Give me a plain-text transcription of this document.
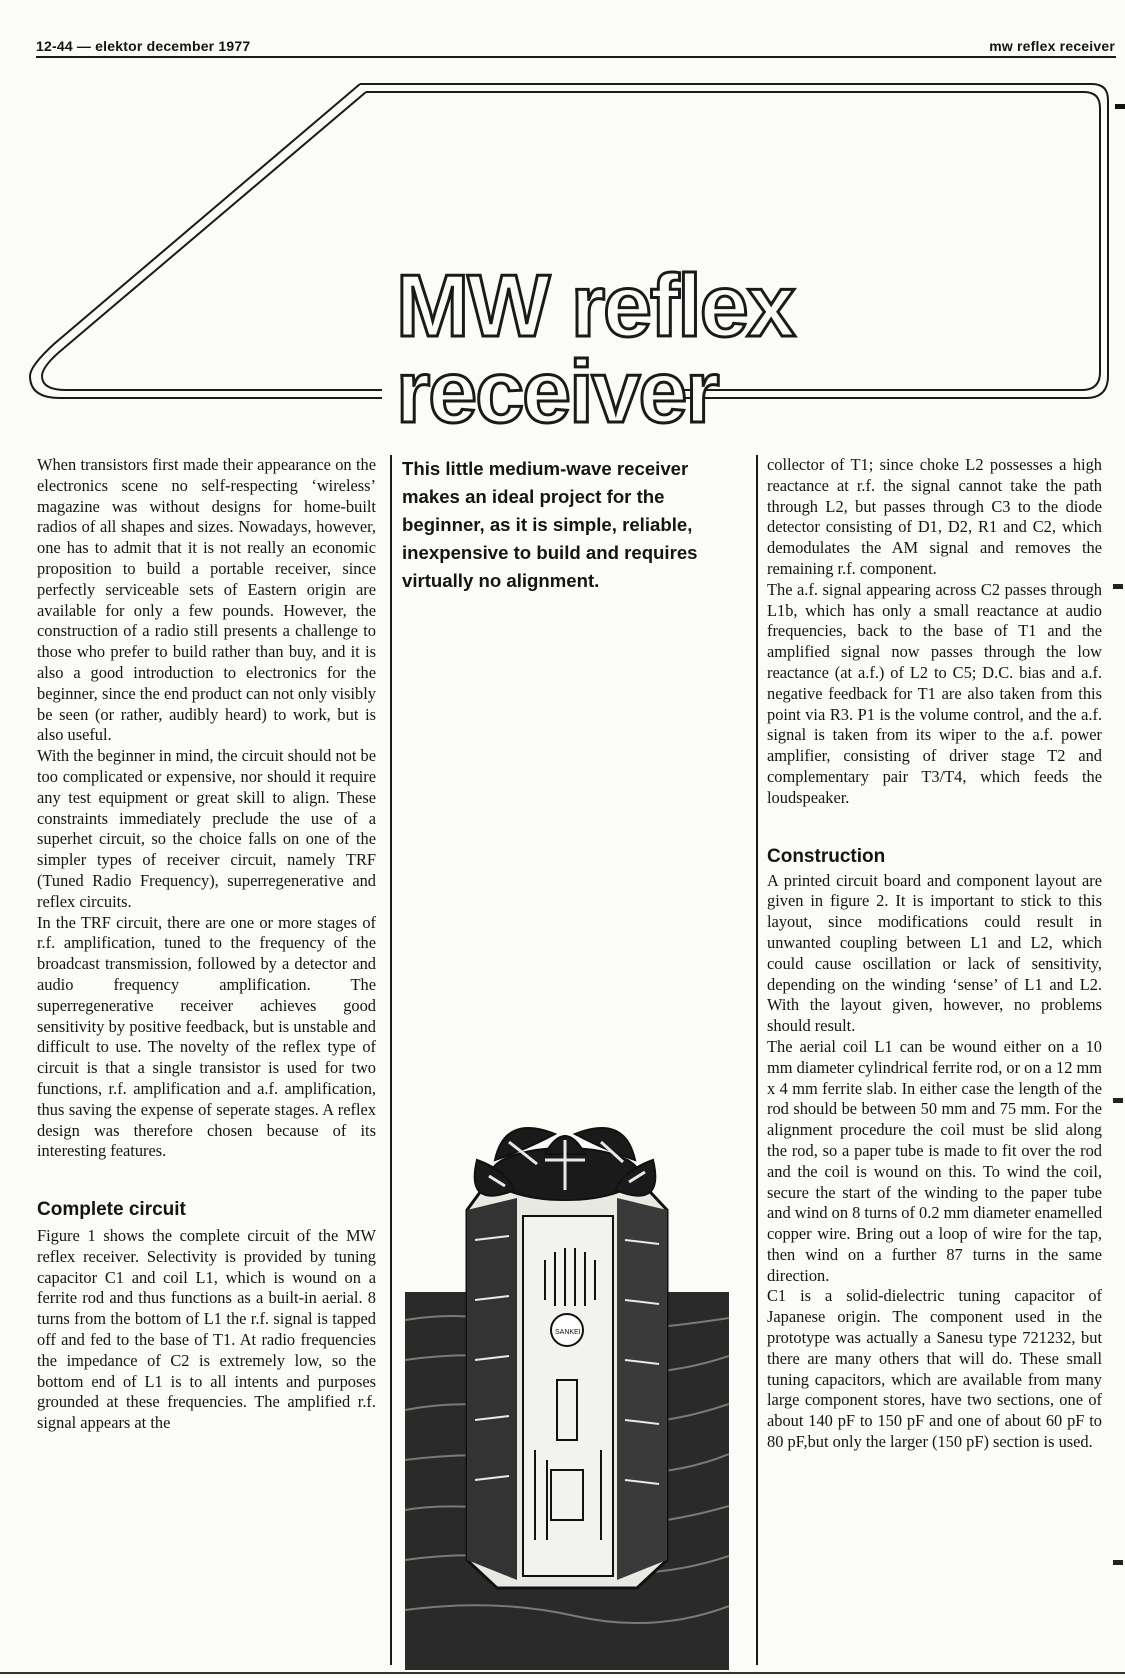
12-44 — elektor december 1977	mw reflex receiver
MW reflex
receiver

When transistors first made their appearance on the electronics scene no self-respecting ‘wireless’ magazine was without designs for home-built radios of all shapes and sizes. Nowadays, however, one has to admit that it is not really an economic proposition to build a portable receiver, since perfectly serviceable sets of Eastern origin are available for only a few pounds. However, the construction of a radio still presents a challenge to those who prefer to build rather than buy, and it is also a good introduction to electronics for the beginner, since the end product can not only visibly be seen (or rather, audibly heard) to work, but is also useful.

With the beginner in mind, the circuit should not be too complicated or expensive, nor should it require any test equipment or great skill to align. These constraints immediately preclude the use of a superhet circuit, so the choice falls on one of the simpler types of receiver circuit, namely TRF (Tuned Radio Frequency), superregenerative and reflex circuits.

In the TRF circuit, there are one or more stages of r.f. amplification, tuned to the frequency of the broadcast transmission, followed by a detector and audio frequency amplification. The superregenerative receiver achieves good sensitivity by positive feedback, but is unstable and difficult to use. The novelty of the reflex type of circuit is that a single transistor is used for two functions, r.f. amplification and a.f. amplification, thus saving the expense of seperate stages. A reflex design was therefore chosen because of its interesting features.

Complete circuit

Figure 1 shows the complete circuit of the MW reflex receiver. Selectivity is provided by tuning capacitor C1 and coil L1, which is wound on a ferrite rod and thus functions as a built-in aerial. 8 turns from the bottom of L1 the r.f. signal is tapped off and fed to the base of T1. At radio frequencies the impedance of C2 is extremely low, so the bottom end of L1 is to all intents and purposes grounded at these frequencies. The amplified r.f. signal appears at the

This little medium-wave receiver makes an ideal project for the beginner, as it is simple, reliable, inexpensive to build and requires virtually no alignment.
SANKEI

collector of T1; since choke L2 possesses a high reactance at r.f. the signal cannot take the path through L2, but passes through C3 to the diode detector consisting of D1, D2, R1 and C2, which demodulates the AM signal and removes the remaining r.f. component.

The a.f. signal appearing across C2 passes through L1b, which has only a small reactance at audio frequencies, back to the base of T1 and the amplified signal now passes through the low reactance (at a.f.) of L2 to C5; D.C. bias and a.f. negative feedback for T1 are also taken from this point via R3. P1 is the volume control, and the a.f. signal is taken from its wiper to the a.f. power amplifier, consisting of driver stage T2 and complementary pair T3/T4, which feeds the loudspeaker.

Construction

A printed circuit board and component layout are given in figure 2. It is important to stick to this layout, since modifications could result in unwanted coupling between L1 and L2, which could cause oscillation or lack of sensitivity, depending on the winding ‘sense’ of L1 and L2. With the layout given, however, no problems should result.

The aerial coil L1 can be wound either on a 10 mm diameter cylindrical ferrite rod, or on a 12 mm x 4 mm ferrite slab. In either case the length of the rod should be between 50 mm and 75 mm. For the alignment procedure the coil must be slid along the rod, so a paper tube is made to fit over the rod and the coil is wound on this. To wind the coil, secure the start of the winding to the paper tube and wind on 8 turns of 0.2 mm diameter enamelled copper wire. Bring out a loop of wire for the tap, then wind on a further 87 turns in the same direction.

C1 is a solid-dielectric tuning capacitor of Japanese origin. The component used in the prototype was actually a Sanesu type 721232, but there are many others that will do. These small tuning capacitors, which are available from many large component stores, have two sections, one of about 140 pF to 150 pF and one of about 60 pF to 80 pF,but only the larger (150 pF) section is used.
